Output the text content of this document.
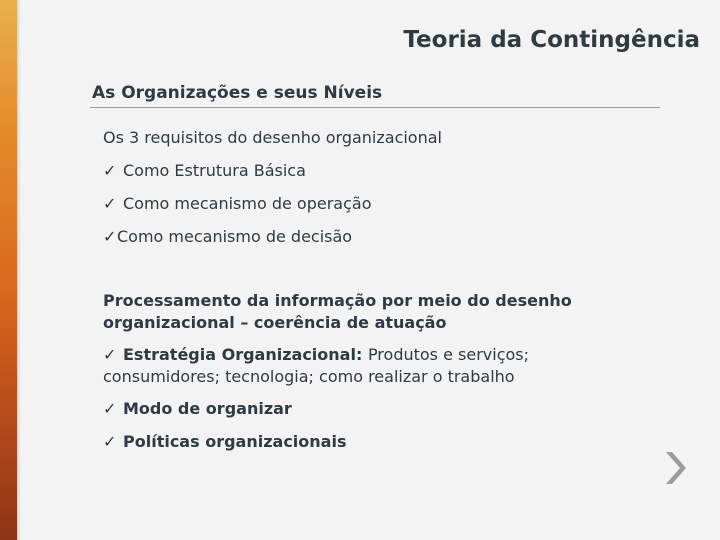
Teoria da Contingência
As Organizações e seus Níveis
Os 3 requisitos do desenho organizacional
✓ Como Estrutura Básica
✓ Como mecanismo de operação
✓Como mecanismo de decisão
Processamento da informação por meio do desenho
organizacional – coerência de atuação
✓ Estratégia Organizacional: Produtos e serviços;
consumidores; tecnologia; como realizar o trabalho
✓ Modo de organizar
✓ Políticas organizacionais
